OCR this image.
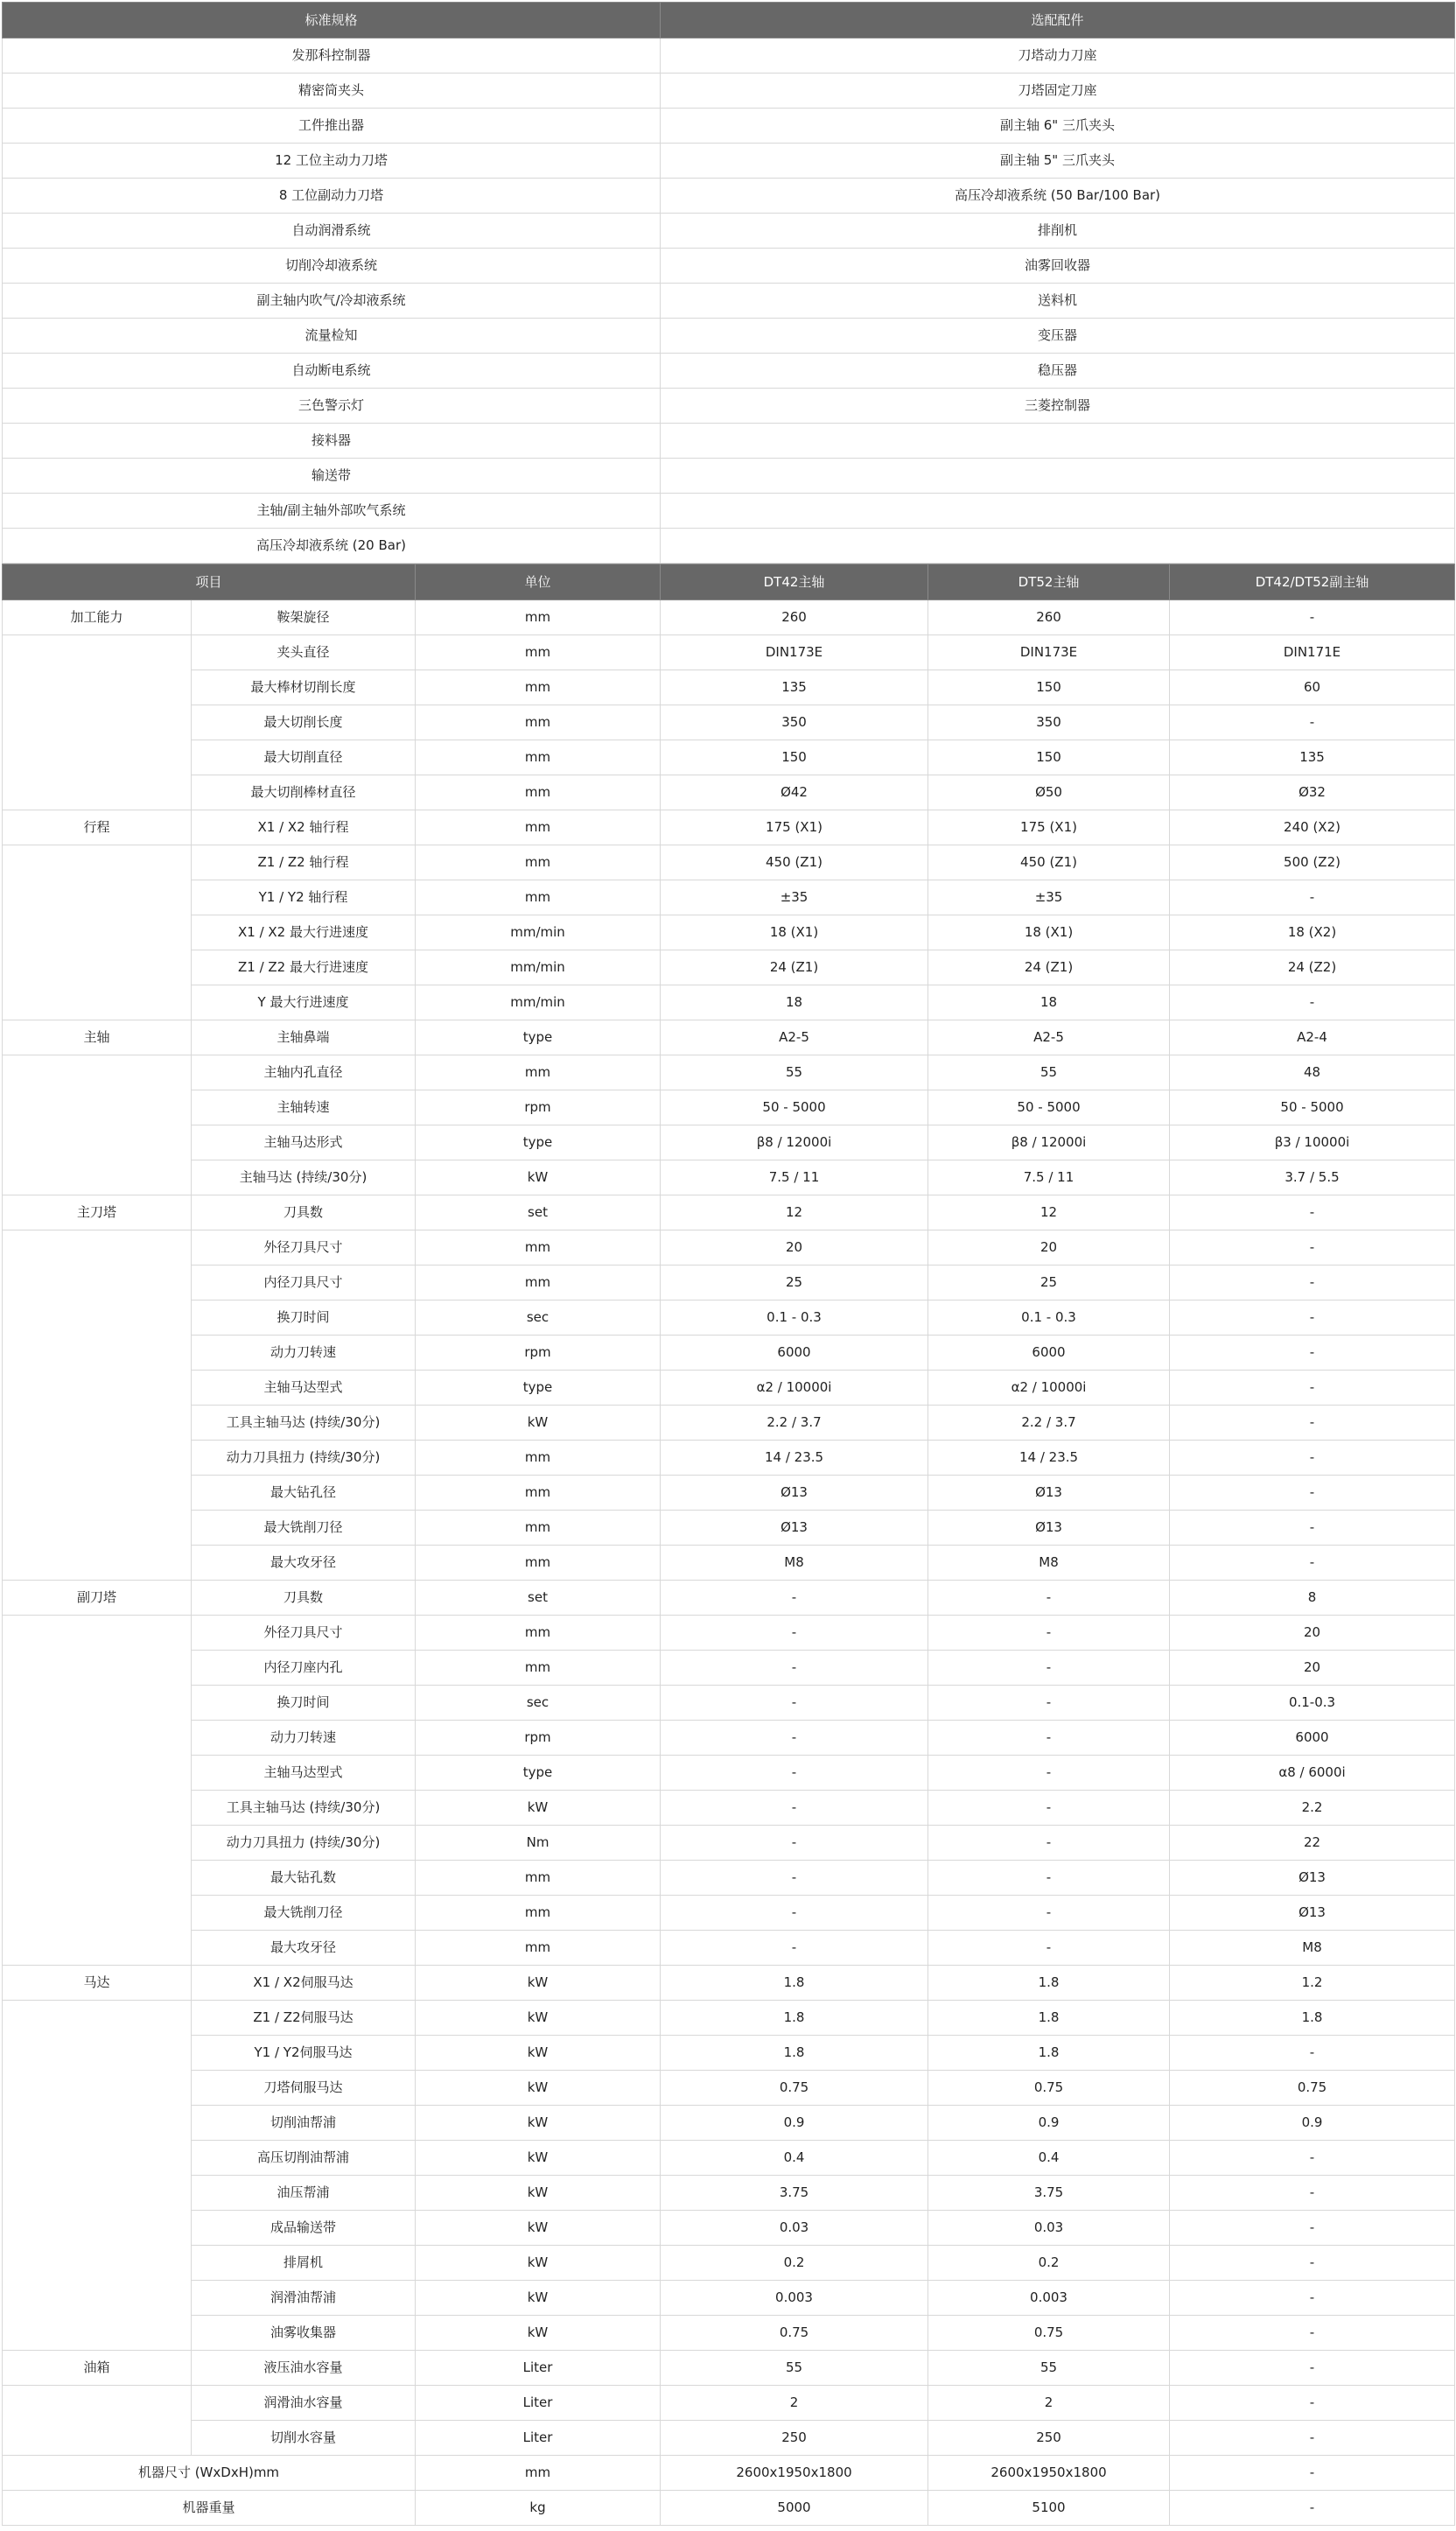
标准规格	选配配件
发那科控制器	刀塔动力刀座
精密筒夹头	刀塔固定刀座
工件推出器	副主轴 6" 三爪夹头
12 工位主动力刀塔	副主轴 5" 三爪夹头
8 工位副动力刀塔	高压冷却液系统 (50 Bar/100 Bar)
自动润滑系统	排削机
切削冷却液系统	油雾回收器
副主轴内吹气/冷却液系统	送料机
流量检知	变压器
自动断电系统	稳压器
三色警示灯	三菱控制器
接料器	
输送带	
主轴/副主轴外部吹气系统	
高压冷却液系统 (20 Bar)	
项目		单位	DT42主轴	DT52主轴	DT42/DT52副主轴
加工能力	鞍架旋径	mm	260	260	-
	夹头直径	mm	DIN173E	DIN173E	DIN171E
	最大棒材切削长度	mm	135	150	60
	最大切削长度	mm	350	350	-
	最大切削直径	mm	150	150	135
	最大切削棒材直径	mm	Ø42	Ø50	Ø32
行程	X1 / X2 轴行程	mm	175 (X1)	175 (X1)	240 (X2)
	Z1 / Z2 轴行程	mm	450 (Z1)	450 (Z1)	500 (Z2)
	Y1 / Y2 轴行程	mm	±35	±35	-
	X1 / X2 最大行进速度	mm/min	18 (X1)	18 (X1)	18 (X2)
	Z1 / Z2 最大行进速度	mm/min	24 (Z1)	24 (Z1)	24 (Z2)
	Y 最大行进速度	mm/min	18	18	-
主轴	主轴鼻端	type	A2-5	A2-5	A2-4
	主轴内孔直径	mm	55	55	48
	主轴转速	rpm	50 - 5000	50 - 5000	50 - 5000
	主轴马达形式	type	β8 / 12000i	β8 / 12000i	β3 / 10000i
	主轴马达 (持续/30分)	kW	7.5 / 11	7.5 / 11	3.7 / 5.5
主刀塔	刀具数	set	12	12	-
	外径刀具尺寸	mm	20	20	-
	内径刀具尺寸	mm	25	25	-
	换刀时间	sec	0.1 - 0.3	0.1 - 0.3	-
	动力刀转速	rpm	6000	6000	-
	主轴马达型式	type	α2 / 10000i	α2 / 10000i	-
	工具主轴马达 (持续/30分)	kW	2.2 / 3.7	2.2 / 3.7	-
	动力刀具扭力 (持续/30分)	mm	14 / 23.5	14 / 23.5	-
	最大钻孔径	mm	Ø13	Ø13	-
	最大铣削刀径	mm	Ø13	Ø13	-
	最大攻牙径	mm	M8	M8	-
副刀塔	刀具数	set	-	-	8
	外径刀具尺寸	mm	-	-	20
	内径刀座内孔	mm	-	-	20
	换刀时间	sec	-	-	0.1-0.3
	动力刀转速	rpm	-	-	6000
	主轴马达型式	type	-	-	α8 / 6000i
	工具主轴马达 (持续/30分)	kW	-	-	2.2
	动力刀具扭力 (持续/30分)	Nm	-	-	22
	最大钻孔数	mm	-	-	Ø13
	最大铣削刀径	mm	-	-	Ø13
	最大攻牙径	mm	-	-	M8
马达	X1 / X2伺服马达	kW	1.8	1.8	1.2
	Z1 / Z2伺服马达	kW	1.8	1.8	1.8
	Y1 / Y2伺服马达	kW	1.8	1.8	-
	刀塔伺服马达	kW	0.75	0.75	0.75
	切削油帮浦	kW	0.9	0.9	0.9
	高压切削油帮浦	kW	0.4	0.4	-
	油压帮浦	kW	3.75	3.75	-
	成品输送带	kW	0.03	0.03	-
	排屑机	kW	0.2	0.2	-
	润滑油帮浦	kW	0.003	0.003	-
	油雾收集器	kW	0.75	0.75	-
油箱	液压油水容量	Liter	55	55	-
	润滑油水容量	Liter	2	2	-
	切削水容量	Liter	250	250	-
机器尺寸 (WxDxH)mm		mm	2600x1950x1800	2600x1950x1800	-
机器重量		kg	5000	5100	-
